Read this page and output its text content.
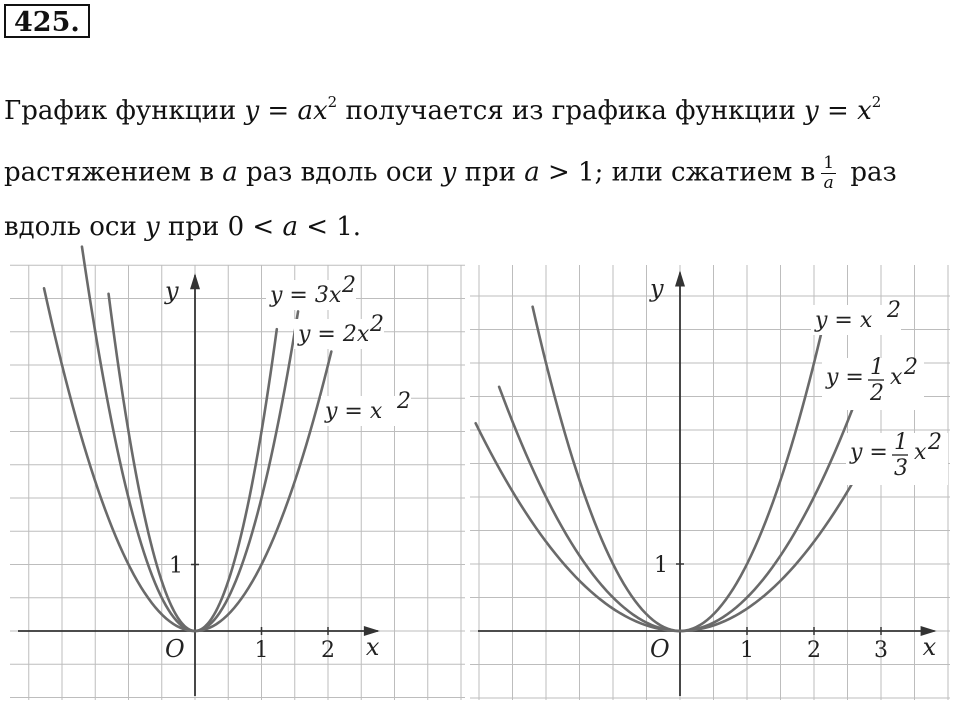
425.
График функции $y = ax^2$ получается из графика функции $y = x^2$
растяжением в a раз вдоль оси y при a > 1; или сжатием в $\frac{1}{a}$ раз
вдоль оси y при 0 < a < 1.
x
y
O	1 2
1
y = 3x 2
y = 2x 2
y = x 2
x
y
O	1 2 3
1
y = x 2
y = 1
2
x 2
y = 1
3
x 2
